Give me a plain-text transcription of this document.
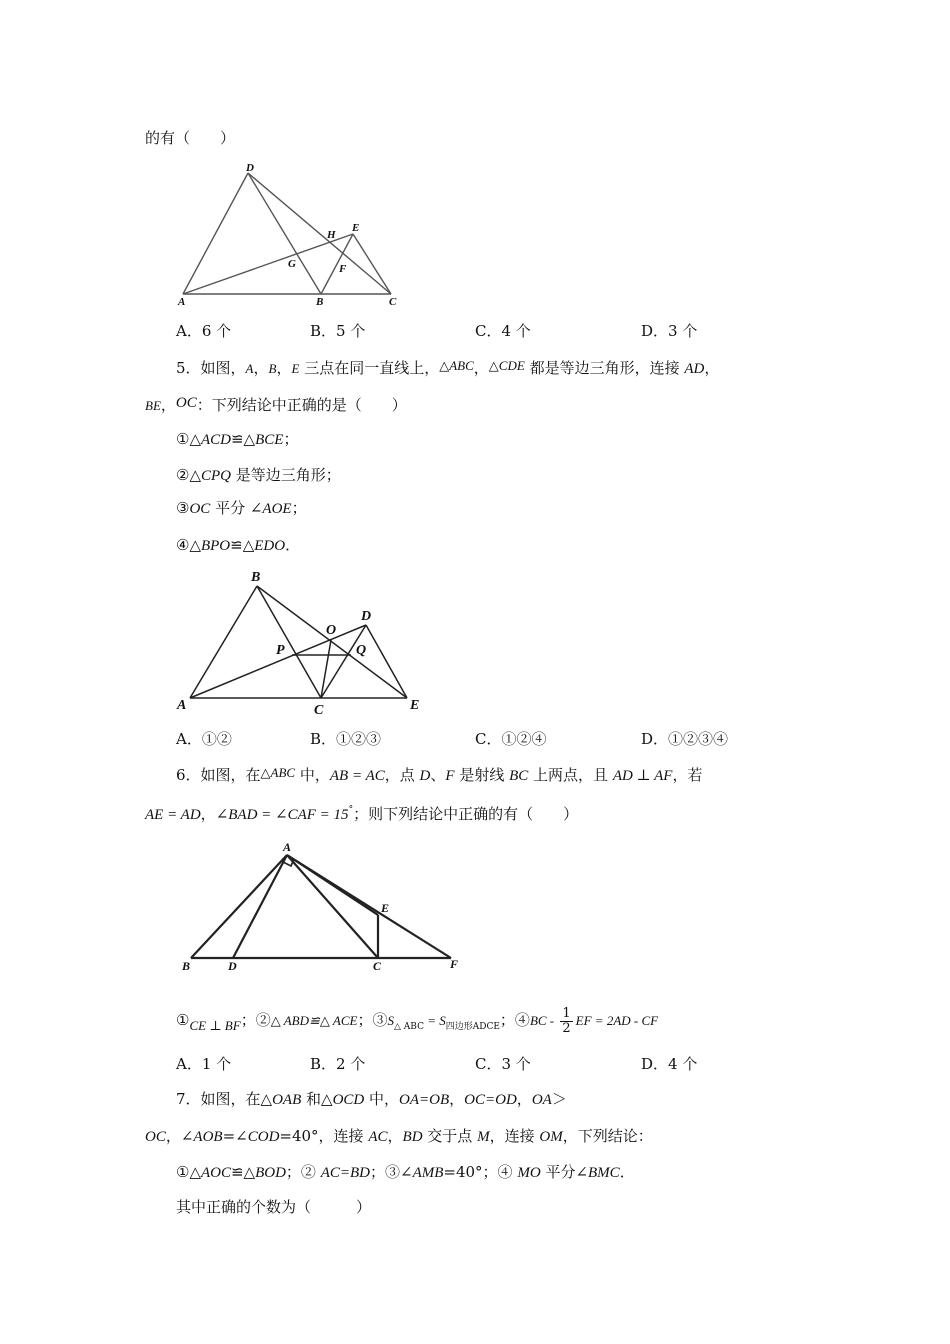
的有（　　）
D
H
E
G	F
A	B	C
A．6 个	B．5 个	C．4 个	D．3 个
5．如图，A，B，E 三点在同一直线上，△ABC，△CDE 都是等边三角形，连接 AD，
BE，OC：下列结论中正确的是（　　）
①△ACD≌△BCE；
②△CPQ 是等边三角形；
③OC 平分 ∠AOE；
④△BPO≌△EDO．
B
D
O
P	Q
A	C	E
A．①②	B．①②③	C．①②④	D．①②③④
6．如图，在△ABC 中，AB = AC，点 D、F 是射线 BC 上两点，且 AD ⊥ AF，若
AE = AD，∠BAD = ∠CAF = 15°；则下列结论中正确的有（　　）
A
E
B	D	C	F
①CE ⊥ BF；②△ ABD≌△ ACE；$③S_{\triangle ABC} = S_{四边形ADCE}$；④BC - $\frac{1}{2}$ EF = 2AD - CF
A．1 个	B．2 个	C．3 个	D．4 个
7．如图，在△OAB 和△OCD 中，OA=OB，OC=OD，OA＞
OC，∠AOB=∠COD=40°，连接 AC，BD 交于点 M，连接 OM，下列结论：
①△AOC≌△BOD；② AC=BD；③∠AMB=40°；④ MO 平分∠BMC．
其中正确的个数为（　　　）
